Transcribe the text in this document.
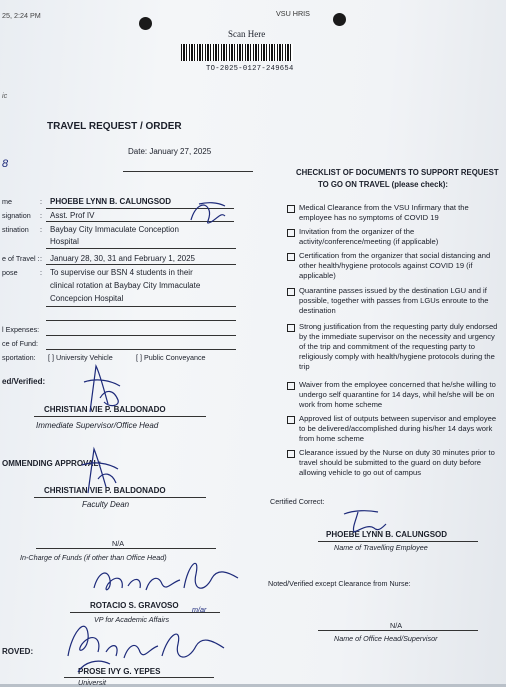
25, 2:24 PM	VSU HRIS
Scan Here
TO-2025-0127-249654
ic
TRAVEL REQUEST / ORDER
Date: January 27, 2025
8
me	: PHOEBE LYNN B. CALUNGSOD
signation : Asst. Prof IV
stination : Baybay City Immaculate Conception
Hospital
e of Travel : : January 28, 30, 31 and February 1, 2025
pose	: To supervise our BSN 4 students in their
clinical rotation at Baybay City Immaculate
Concepcion Hospital
l Expenses:
ce of Fund:
sportation: [ ] University Vehicle	[ ] Public Conveyance
ed/Verified:
CHRISTIAN VIE P. BALDONADO
Immediate Supervisor/Office Head
OMMENDING APPROVAL:
CHRISTIAN VIE P. BALDONADO
Faculty Dean
N/A
In-Charge of Funds (if other than Office Head)
ROTACIO S. GRAVOSO m/ar
VP for Academic Affairs
ROVED:
PROSE IVY G. YEPES
Universit
CHECKLIST OF DOCUMENTS TO SUPPORT REQUEST
TO GO ON TRAVEL (please check):
Medical Clearance from the VSU Infirmary that the employee has no symptoms of COVID 19
Invitation from the organizer of the activity/conference/meeting (if applicable)
Certification from the organizer that social distancing and other health/hygiene protocols against COVID 19 (if applicable)
Quarantine passes issued by the destination LGU and if possible, together with passes from LGUs enroute to the destination
Strong justification from the requesting party duly endorsed by the immediate supervisor on the necessity and urgency of the trip and commitment of the requesting party to religiously comply with health/hygiene protocols during the trip
Waiver from the employee concerned that he/she willing to undergo self quarantine for 14 days, whil he/she will be on work from home scheme
Approved list of outputs between supervisor and employee to be delivered/accomplished during his/her 14 days work from home scheme
Clearance issued by the Nurse on duty 30 minutes prior to travel should be submitted to the guard on duty before allowing vehicle to go out of campus
Certified Correct:
PHOEBE LYNN B. CALUNGSOD
Name of Travelling Employee
Noted/Verified except Clearance from Nurse:
N/A
Name of Office Head/Supervisor
